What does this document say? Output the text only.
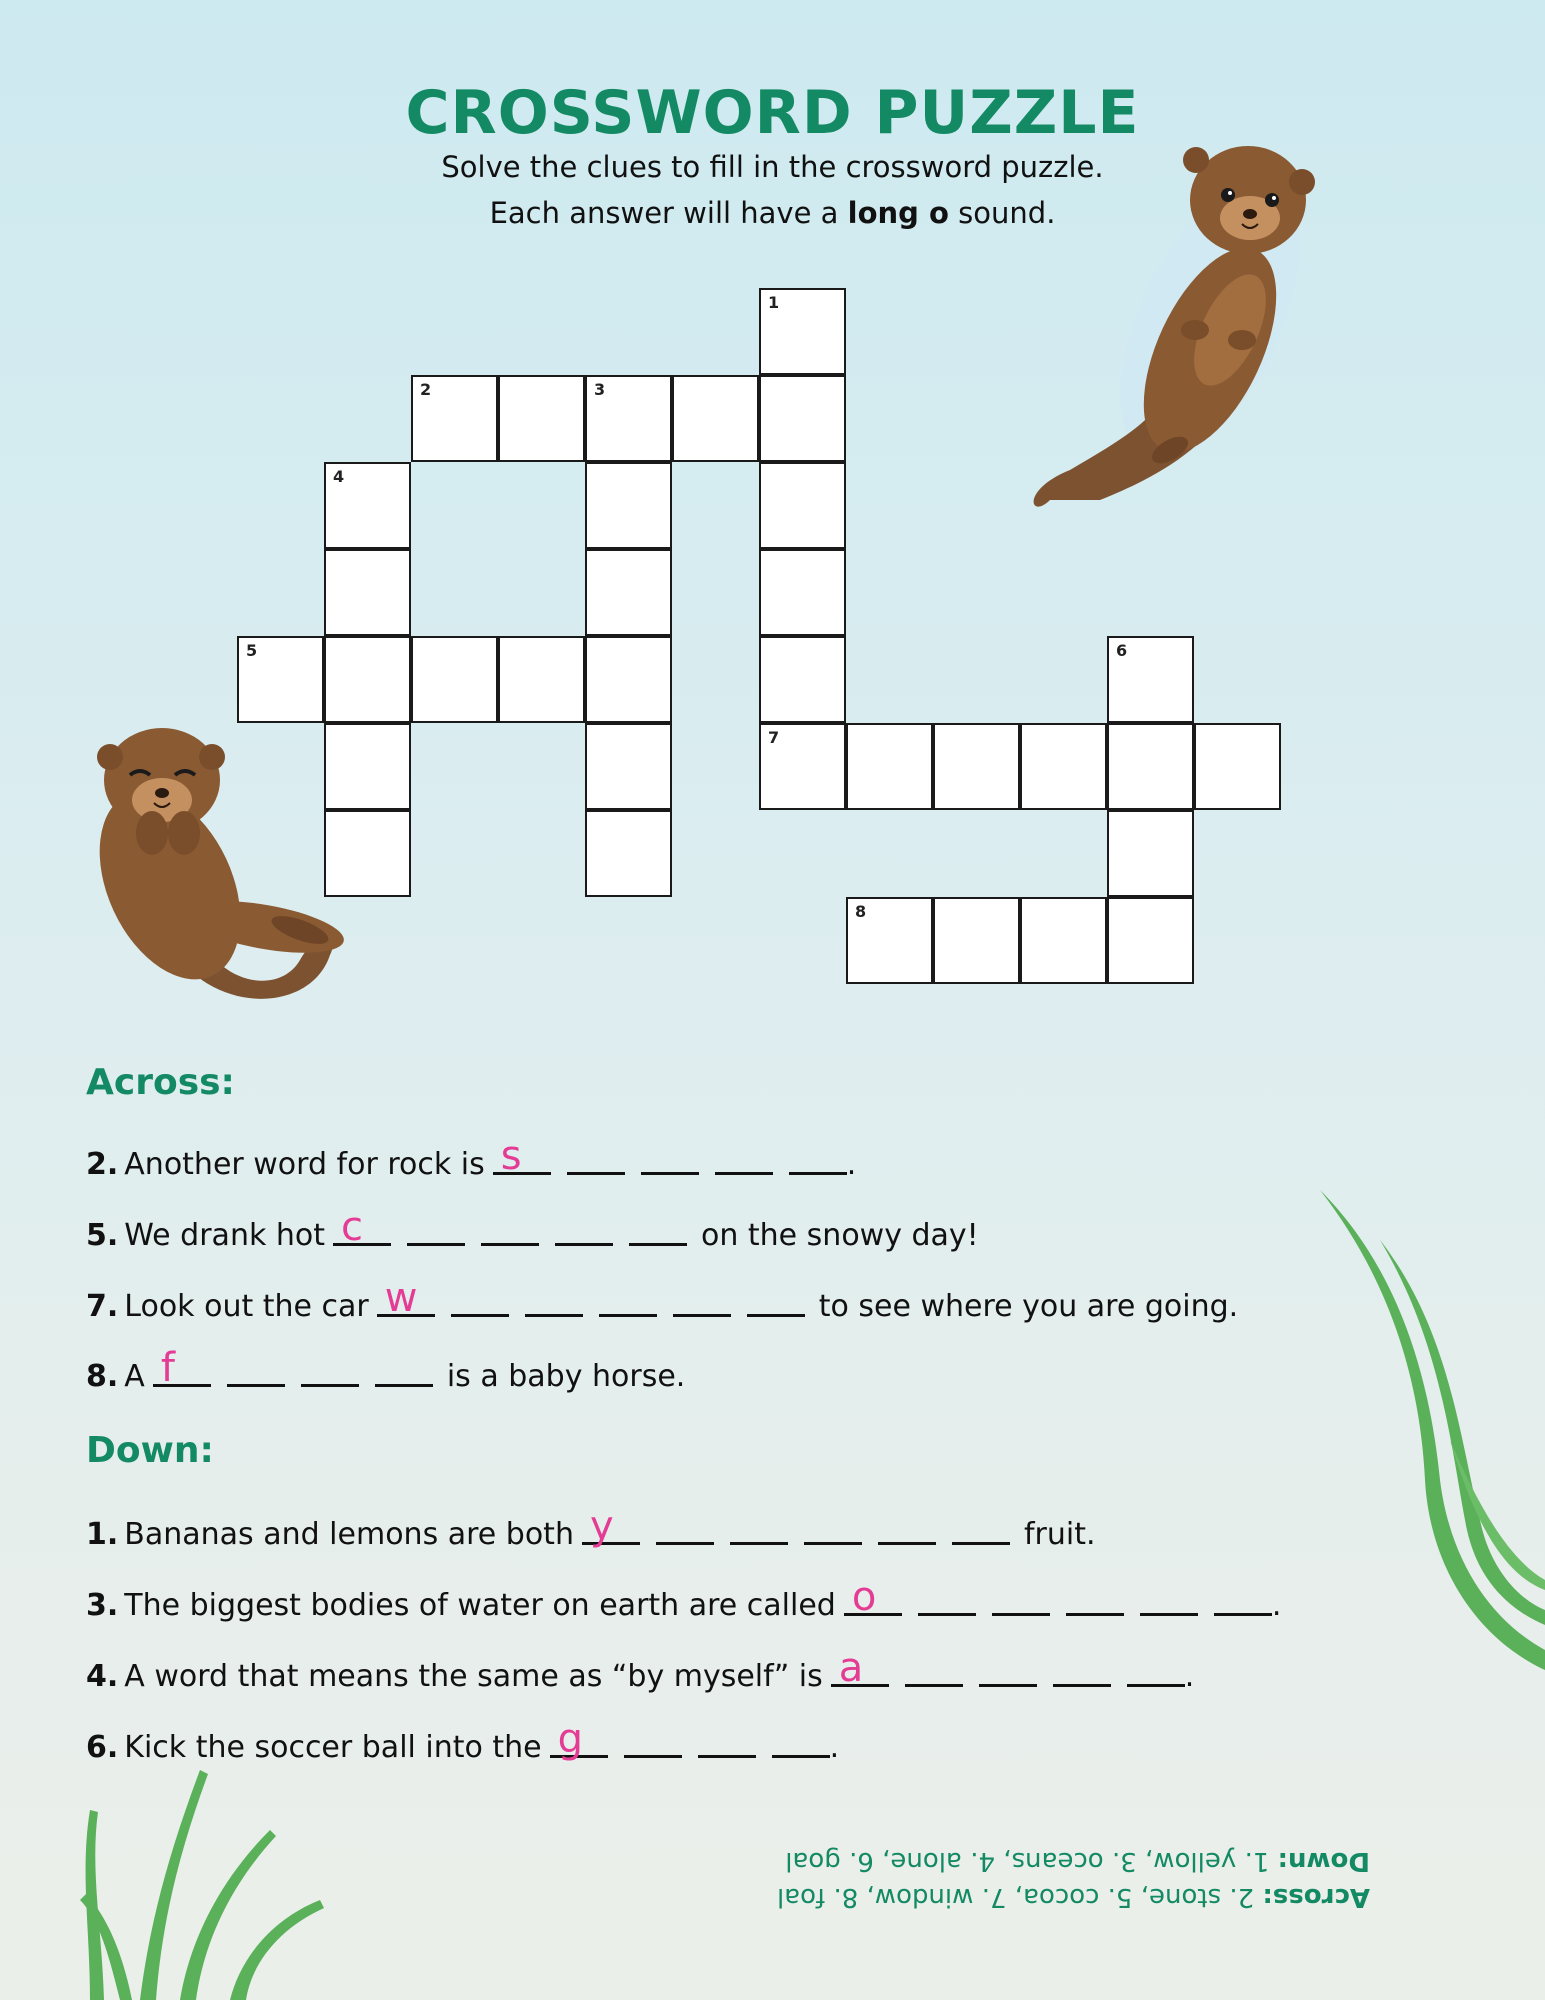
CROSSWORD PUZZLE
Solve the clues to fill in the crossword puzzle.
Each answer will have a long o sound.
1
7
2	3
4
5	6
8
Across:
2. Another word for rock is s	.
5. We drank hot c	on the snowy day!
7. Look out the car w	to see where you are going.
8. A f	is a baby horse.
Down:
1. Bananas and lemons are both y	fruit.
3. The biggest bodies of water on earth are called o	.
4. A word that means the same as “by myself” is a	.
6. Kick the soccer ball into the g	.
Across: 2. stone, 5. cocoa, 7. window, 8. foal
Down: 1. yellow, 3. oceans, 4. alone, 6. goal
